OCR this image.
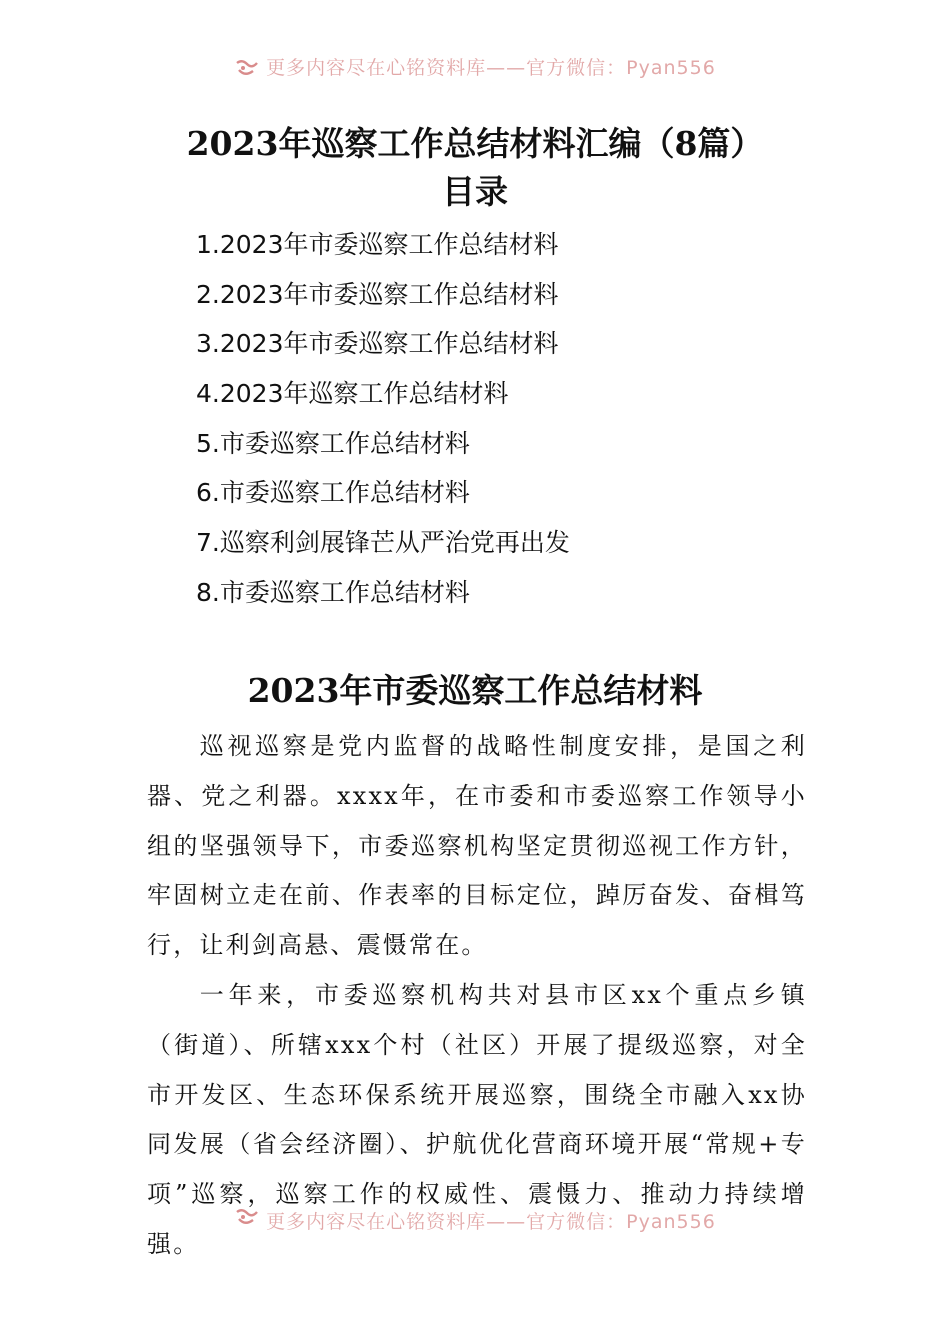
更多内容尽在心铭资料库——官方微信：Pyan556
2023年巡察工作总结材料汇编（8篇）
目录
1.2023年市委巡察工作总结材料
2.2023年市委巡察工作总结材料
3.2023年市委巡察工作总结材料
4.2023年巡察工作总结材料
5.市委巡察工作总结材料
6.市委巡察工作总结材料
7.巡察利剑展锋芒从严治党再出发
8.市委巡察工作总结材料
2023年市委巡察工作总结材料

巡视巡察是党内监督的战略性制度安排，是国之利器、党之利器。xxxx年，在市委和市委巡察工作领导小组的坚强领导下，市委巡察机构坚定贯彻巡视工作方针，牢固树立走在前、作表率的目标定位，踔厉奋发、奋楫笃行，让利剑高悬、震慑常在。

一年来，市委巡察机构共对县市区xx个重点乡镇（街道）、所辖xxx个村（社区）开展了提级巡察，对全市开发区、生态环保系统开展巡察，围绕全市融入xx协同发展（省会经济圈）、护航优化营商环境开展“常规+专项”巡察，巡察工作的权威性、震慑力、推动力持续增强。

更多内容尽在心铭资料库——官方微信：Pyan556
